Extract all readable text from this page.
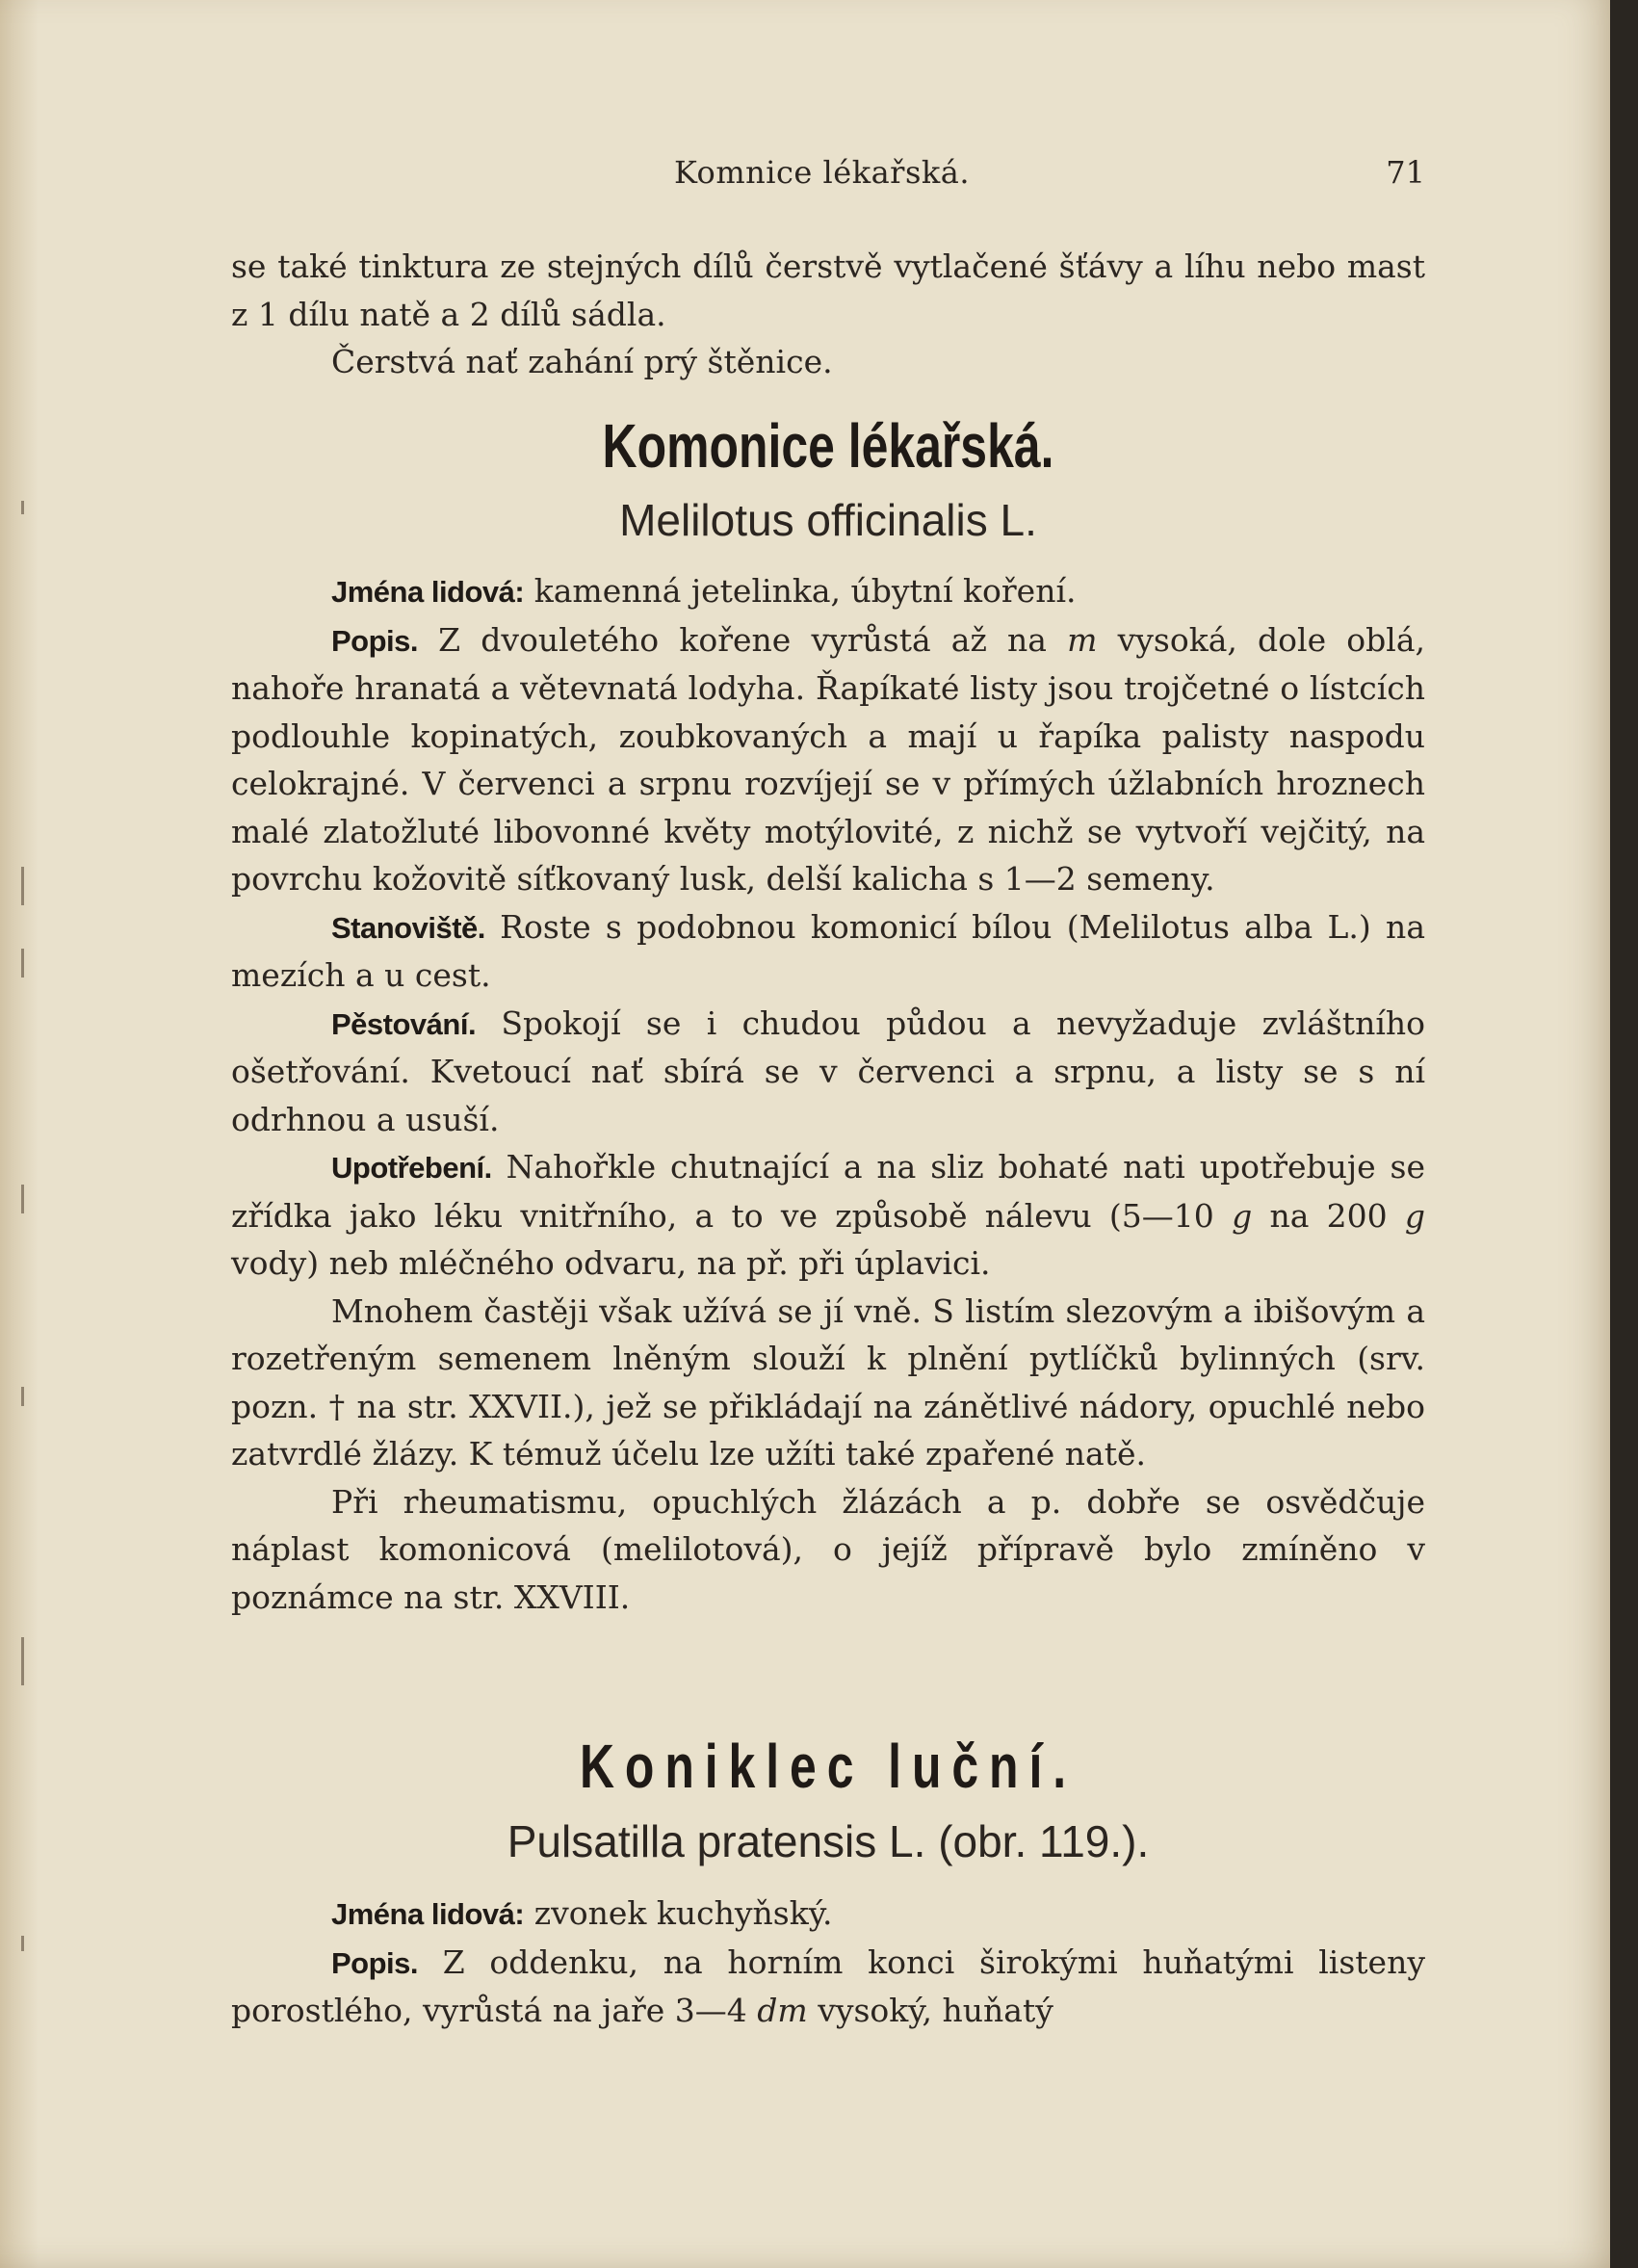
Komnice lékařská.	71

se také tinktura ze stejných dílů čerstvě vytlačené šťávy a líhu nebo mast z 1 dílu natě a 2 dílů sádla.

Čerstvá nať zahání prý štěnice.

Komonice lékařská.
Melilotus officinalis L.

Jména lidová: kamenná jetelinka, úbytní koření.

Popis. Z dvouletého kořene vyrůstá až na m vysoká, dole oblá, nahoře hranatá a větevnatá lodyha. Řapíkaté listy jsou trojčetné o lístcích podlouhle kopinatých, zoubkovaných a mají u řapíka palisty naspodu celokrajné. V červenci a srpnu rozvíjejí se v přímých úžlabních hroznech malé zlatožluté libovonné květy motýlovité, z nichž se vytvoří vejčitý, na povrchu kožovitě síťkovaný lusk, delší kalicha s 1—2 semeny.

Stanoviště. Roste s podobnou komonicí bílou (Melilotus alba L.) na mezích a u cest.

Pěstování. Spokojí se i chudou půdou a nevyžaduje zvláštního ošetřování. Kvetoucí nať sbírá se v červenci a srpnu, a listy se s ní odrhnou a usuší.

Upotřebení. Nahořkle chutnající a na sliz bohaté nati upotřebuje se zřídka jako léku vnitřního, a to ve způsobě nálevu (5—10 g na 200 g vody) neb mléčného odvaru, na př. při úplavici.

Mnohem častěji však užívá se jí vně. S listím slezovým a ibišovým a rozetřeným semenem lněným slouží k plnění pytlíčků bylinných (srv. pozn. † na str. XXVII.), jež se přikládají na zánětlivé nádory, opuchlé nebo zatvrdlé žlázy. K témuž účelu lze užíti také zpařené natě.

Při rheumatismu, opuchlých žlázách a p. dobře se osvědčuje náplast komonicová (melilotová), o jejíž přípravě bylo zmíněno v poznámce na str. XXVIII.

Koniklec luční.
Pulsatilla pratensis L. (obr. 119.).

Jména lidová: zvonek kuchyňský.

Popis. Z oddenku, na horním konci širokými huňatými listeny porostlého, vyrůstá na jaře 3—4 dm vysoký, huňatý
